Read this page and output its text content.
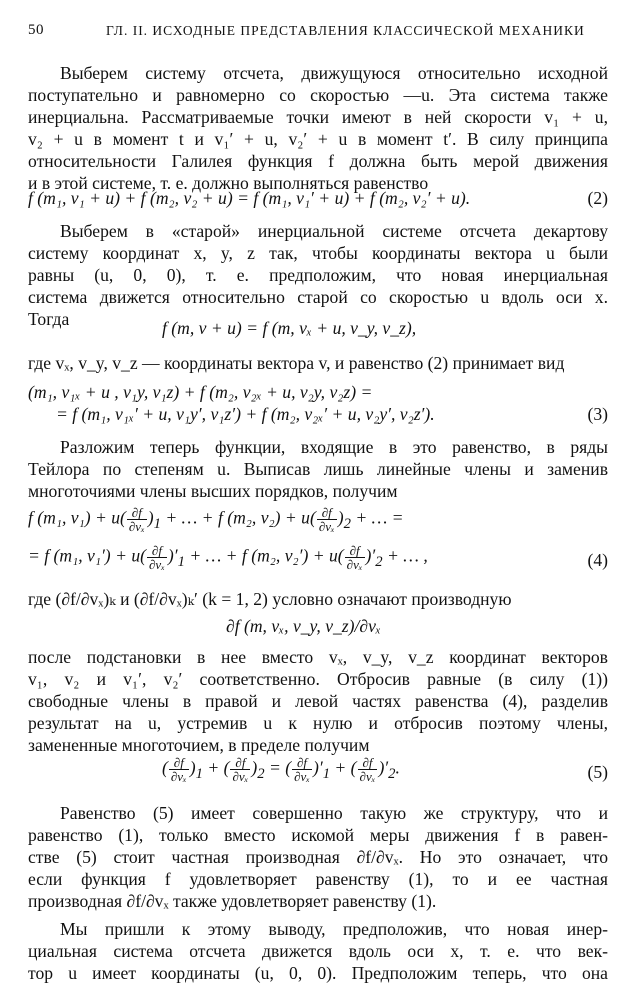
50	ГЛ. II. ИСХОДНЫЕ ПРЕДСТАВЛЕНИЯ КЛАССИЧЕСКОЙ МЕХАНИКИ
Выберем систему отсчета, движущуюся относительно исходной
поступательно и равномерно со скоростью —u. Эта система также
инерциальна. Рассматриваемые точки имеют в ней скорости v₁ + u,
v₂ + u в момент t и v₁′ + u, v₂′ + u в момент t′. В силу принципа
относительности Галилея функция f должна быть мерой движения
и в этой системе, т. е. должно выполняться равенство
f (m₁, v₁ + u) + f (m₂, v₂ + u) = f (m₁, v₁′ + u) + f (m₂, v₂′ + u).	(2)
Выберем в «старой» инерциальной системе отсчета декартову
систему координат x, y, z так, чтобы координаты вектора u были
равны (u, 0, 0), т. е. предположим, что новая инерциальная
система движется относительно старой со скоростью u вдоль оси x.
Тогда	f (m, v + u) = f (m, vₓ + u, v_y, v_z),
где vₓ, v_y, v_z — координаты вектора v, и равенство (2) принимает вид
(m₁, v₁ₓ + u , v₁y, v₁z) + f (m₂, v₂ₓ + u, v₂y, v₂z) =
= f (m₁, v₁ₓ′ + u, v₁y′, v₁z′) + f (m₂, v₂ₓ′ + u, v₂y′, v₂z′).	(3)
Разложим теперь функции, входящие в это равенство, в ряды
Тейлора по степеням u. Выписав лишь линейные члены и заменив
многоточиями члены высших порядков, получим
f (m₁, $v_1) + u( \frac{\partial f}{\text{∂vₓ}} )_1$ + … + f (m₂, $v_2) + u( \frac{\partial f}{\text{∂vₓ}} )_2$ + … =
= f (m₁, $v_1') + u( \frac{\partial f}{\text{∂vₓ}} )'_1$ + … + f (m₂, $v_2') + u( \frac{\partial f}{\text{∂vₓ}} )'_2$ + … ,	(4)
где (∂f/∂vₓ)ₖ и (∂f/∂vₓ)ₖ′ (k = 1, 2) условно означают производную
∂f (m, vₓ, v_y, v_z)/∂vₓ
после подстановки в нее вместо vₓ, v_y, v_z координат векторов
v₁, v₂ и v₁′, v₂′ соответственно. Отбросив равные (в силу (1))
свободные члены в правой и левой частях равенства (4), разделив
результат на u, устремив u к нулю и отбросив поэтому члены,
замененные многоточием, в пределе получим
( $\frac{\partial f}{\text{∂vₓ}} )_1$ + ( $\frac{\partial f}{\text{∂vₓ}} )_2$ = ( $\frac{\partial f}{\text{∂vₓ}} )'_1$ + ( $\frac{\partial f}{\text{∂vₓ}} )'_2$.	(5)
Равенство (5) имеет совершенно такую же структуру, что и
равенство (1), только вместо искомой меры движения f в равен-
стве (5) стоит частная производная ∂f/∂vₓ. Но это означает, что
если функция f удовлетворяет равенству (1), то и ее частная
производная ∂f/∂vₓ также удовлетворяет равенству (1).
Мы пришли к этому выводу, предположив, что новая инер-
циальная система отсчета движется вдоль оси x, т. е. что век-
тор u имеет координаты (u, 0, 0). Предположим теперь, что она
